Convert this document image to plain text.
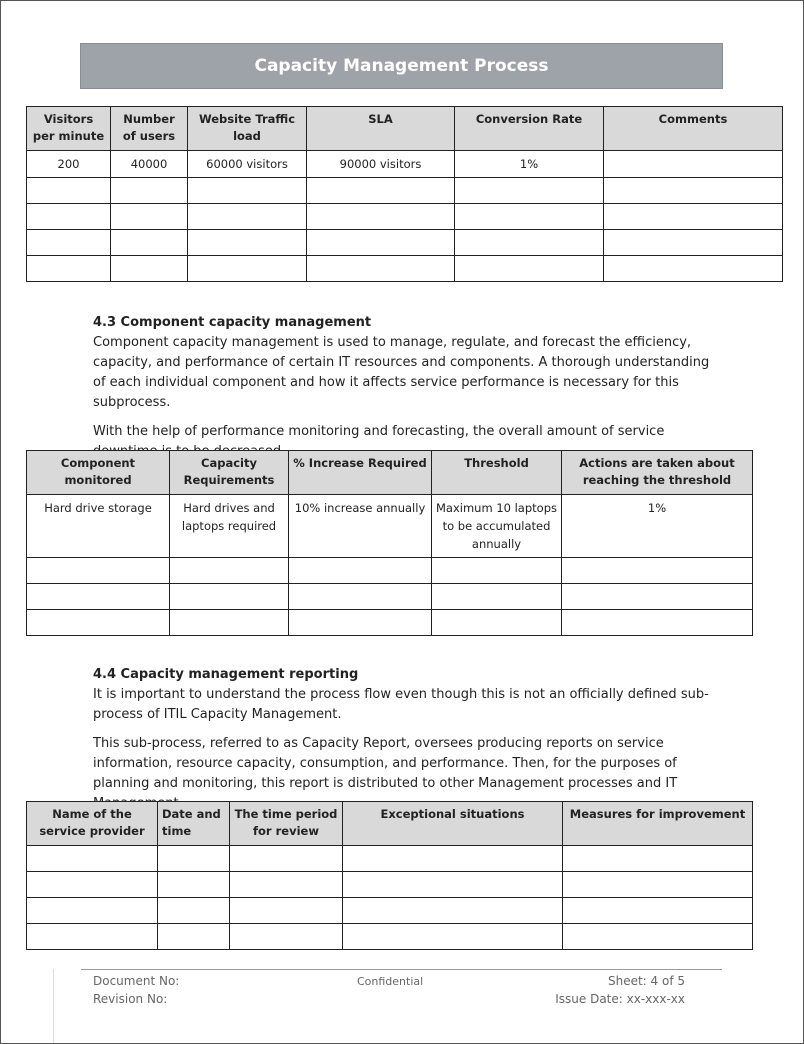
Capacity Management Process
Visitors per minute	Number of users	Website Traffic load	SLA	Conversion Rate	Comments
200	40000	60000 visitors	90000 visitors	1%	

4.3 Component capacity management

Component capacity management is used to manage, regulate, and forecast the efficiency, capacity, and performance of certain IT resources and components. A thorough understanding of each individual component and how it affects service performance is necessary for this subprocess.

With the help of performance monitoring and forecasting, the overall amount of service

Component monitored	Capacity Requirements	% Increase Required	Threshold	Actions are taken about reaching the threshold
Hard drive storage	Hard drives and laptops required	10% increase annually	Maximum 10 laptops to be accumulated annually	1%

4.4 Capacity management reporting

It is important to understand the process flow even though this is not an officially defined sub-process of ITIL Capacity Management.

This sub-process, referred to as Capacity Report, oversees producing reports on service information, resource capacity, consumption, and performance. Then, for the purposes of planning and monitoring, this report is distributed to other Management processes and IT

Name of the service provider	Date and time	The time period for review	Exceptional situations	Measures for improvement

Document No:
Revision No:
Confidential	Sheet: 4 of 5
Issue Date: xx-xxx-xx
